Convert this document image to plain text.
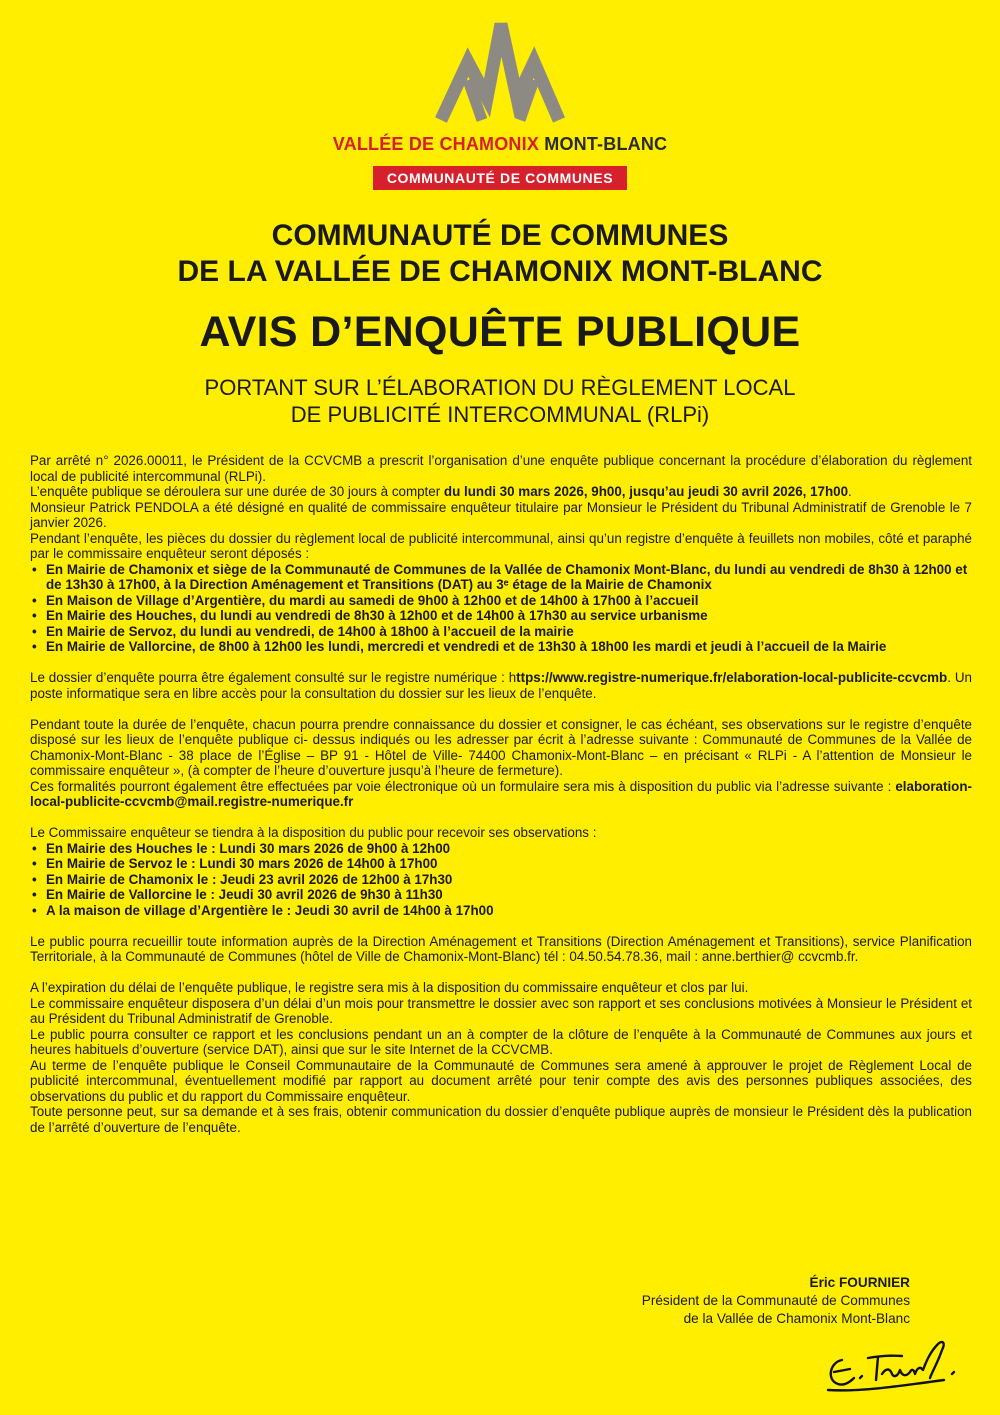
VALLÉE DE CHAMONIX MONT-BLANC
COMMUNAUTÉ DE COMMUNES
COMMUNAUTÉ DE COMMUNES
DE LA VALLÉE DE CHAMONIX MONT-BLANC
AVIS D’ENQUÊTE PUBLIQUE
PORTANT SUR L’ÉLABORATION DU RÈGLEMENT LOCAL
DE PUBLICITÉ INTERCOMMUNAL (RLPi)

Par arrêté n° 2026.00011, le Président de la CCVCMB a prescrit l’organisation d’une enquête publique concernant la procédure d’élaboration du règlement local de publicité intercommunal (RLPi).

L’enquête publique se déroulera sur une durée de 30 jours à compter du lundi 30 mars 2026, 9h00, jusqu’au jeudi 30 avril 2026, 17h00.

Monsieur Patrick PENDOLA a été désigné en qualité de commissaire enquêteur titulaire par Monsieur le Président du Tribunal Administratif de Grenoble le 7 janvier 2026.

Pendant l’enquête, les pièces du dossier du règlement local de publicité intercommunal, ainsi qu’un registre d’enquête à feuillets non mobiles, côté et paraphé par le commissaire enquêteur seront déposés :

• En Mairie de Chamonix et siège de la Communauté de Communes de la Vallée de Chamonix Mont-Blanc, du lundi au vendredi de 8h30 à 12h00 et de 13h30 à 17h00, à la Direction Aménagement et Transitions (DAT) au 3ᵉ étage de la Mairie de Chamonix
• En Maison de Village d’Argentière, du mardi au samedi de 9h00 à 12h00 et de 14h00 à 17h00 à l’accueil
• En Mairie des Houches, du lundi au vendredi de 8h30 à 12h00 et de 14h00 à 17h30 au service urbanisme
• En Mairie de Servoz, du lundi au vendredi, de 14h00 à 18h00 à l’accueil de la mairie
• En Mairie de Vallorcine, de 8h00 à 12h00 les lundi, mercredi et vendredi et de 13h30 à 18h00 les mardi et jeudi à l’accueil de la Mairie

Le dossier d’enquête pourra être également consulté sur le registre numérique : https://www.registre-numerique.fr/elaboration-local-publicite-ccvcmb. Un poste informatique sera en libre accès pour la consultation du dossier sur les lieux de l’enquête.

Pendant toute la durée de l’enquête, chacun pourra prendre connaissance du dossier et consigner, le cas échéant, ses observations sur le registre d’enquête disposé sur les lieux de l’enquête publique ci- dessus indiqués ou les adresser par écrit à l’adresse suivante : Communauté de Communes de la Vallée de Chamonix-Mont-Blanc - 38 place de l’Église – BP 91 - Hôtel de Ville- 74400 Chamonix-Mont-Blanc – en précisant « RLPi - A l’attention de Monsieur le commissaire enquêteur », (à compter de l’heure d’ouverture jusqu’à l’heure de fermeture).

Ces formalités pourront également être effectuées par voie électronique où un formulaire sera mis à disposition du public via l’adresse suivante : elaboration-local-publicite-ccvcmb@mail.registre-numerique.fr

Le Commissaire enquêteur se tiendra à la disposition du public pour recevoir ses observations :

• En Mairie des Houches le : Lundi 30 mars 2026 de 9h00 à 12h00
• En Mairie de Servoz le : Lundi 30 mars 2026 de 14h00 à 17h00
• En Mairie de Chamonix le : Jeudi 23 avril 2026 de 12h00 à 17h30
• En Mairie de Vallorcine le : Jeudi 30 avril 2026 de 9h30 à 11h30
• A la maison de village d’Argentière le : Jeudi 30 avril de 14h00 à 17h00

Le public pourra recueillir toute information auprès de la Direction Aménagement et Transitions (Direction Aménagement et Transitions), service Planification Territoriale, à la Communauté de Communes (hôtel de Ville de Chamonix-Mont-Blanc) tél : 04.50.54.78.36, mail : anne.berthier@ ccvcmb.fr.

A l’expiration du délai de l’enquête publique, le registre sera mis à la disposition du commissaire enquêteur et clos par lui.

Le commissaire enquêteur disposera d’un délai d’un mois pour transmettre le dossier avec son rapport et ses conclusions motivées à Monsieur le Président et au Président du Tribunal Administratif de Grenoble.

Le public pourra consulter ce rapport et les conclusions pendant un an à compter de la clôture de l’enquête à la Communauté de Communes aux jours et heures habituels d’ouverture (service DAT), ainsi que sur le site Internet de la CCVCMB.

Au terme de l’enquête publique le Conseil Communautaire de la Communauté de Communes sera amené à approuver le projet de Règlement Local de publicité intercommunal, éventuellement modifié par rapport au document arrêté pour tenir compte des avis des personnes publiques associées, des observations du public et du rapport du Commissaire enquêteur.

Toute personne peut, sur sa demande et à ses frais, obtenir communication du dossier d’enquête publique auprès de monsieur le Président dès la publication de l’arrêté d’ouverture de l’enquête.

Éric FOURNIER
Président de la Communauté de Communes
de la Vallée de Chamonix Mont-Blanc
